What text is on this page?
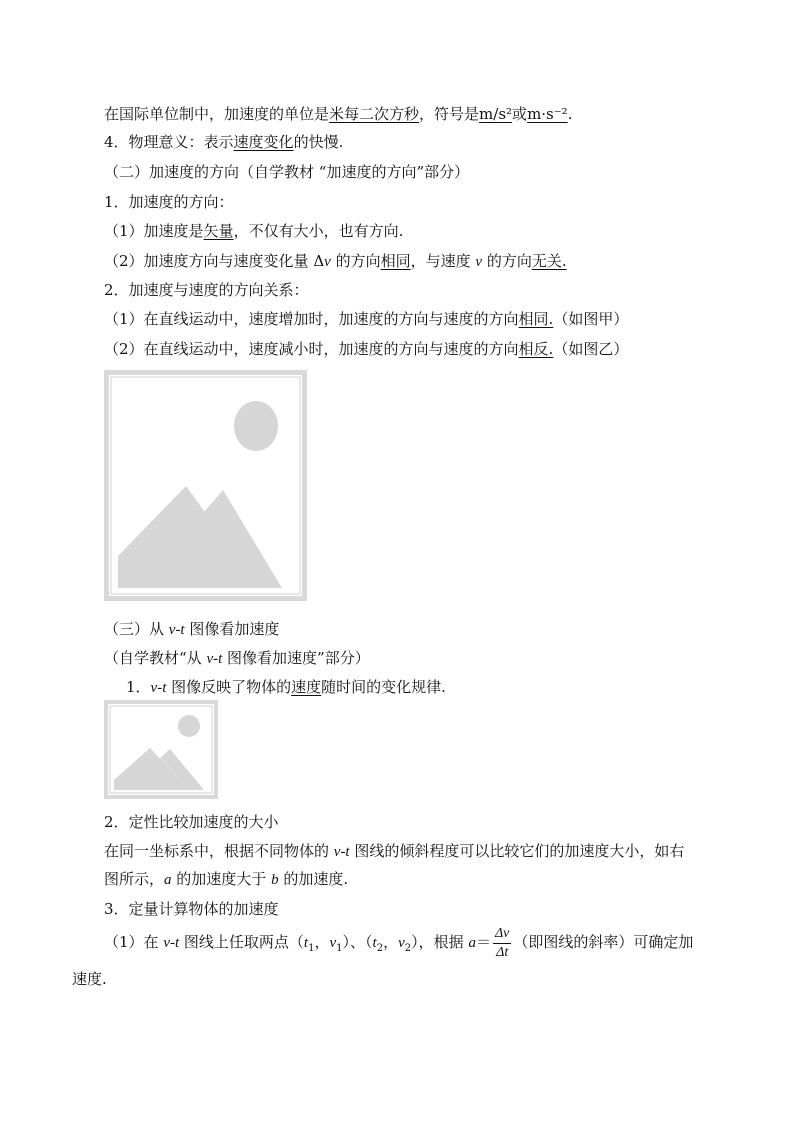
在国际单位制中，加速度的单位是米每二次方秒，符号是m/s²或m·s⁻².
4．物理意义：表示速度变化的快慢.
（二）加速度的方向（自学教材 “加速度的方向”部分）
1．加速度的方向：
（1）加速度是矢量，不仅有大小，也有方向.
（2）加速度方向与速度变化量 Δv 的方向相同，与速度 v 的方向无关.
2．加速度与速度的方向关系：
（1）在直线运动中，速度增加时，加速度的方向与速度的方向相同.（如图甲）
（2）在直线运动中，速度减小时，加速度的方向与速度的方向相反.（如图乙）
（三）从 v-t 图像看加速度
（自学教材“从 v-t 图像看加速度”部分）
1．v-t 图像反映了物体的速度随时间的变化规律.
2．定性比较加速度的大小
在同一坐标系中，根据不同物体的 v-t 图线的倾斜程度可以比较它们的加速度大小，如右
图所示，a 的加速度大于 b 的加速度.
3．定量计算物体的加速度
（1）在 v-t 图线上任取两点（$t_1$，$v_1$）、（$t_2$，$v_2$），根据 $a= \frac{\Delta v}{\Delta t}$ （即图线的斜率）可确定加
速度.
